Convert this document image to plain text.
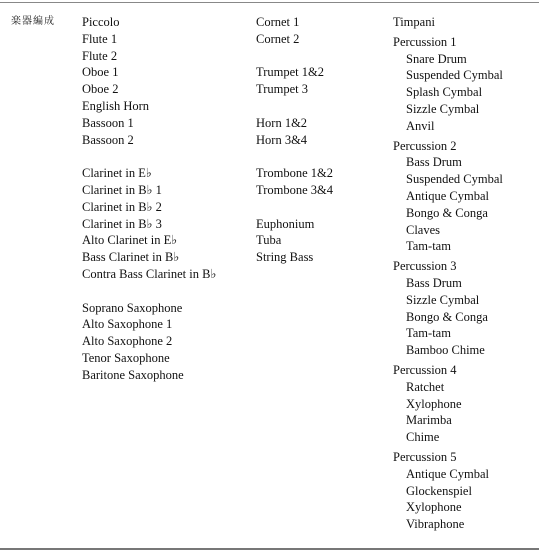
楽器編成 Piccolo
Flute 1
Flute 2
Oboe 1
Oboe 2
English Horn
Bassoon 1
Bassoon 2
Clarinet in E♭
Clarinet in B♭ 1
Clarinet in B♭ 2
Clarinet in B♭ 3
Alto Clarinet in E♭
Bass Clarinet in B♭
Contra Bass Clarinet in B♭
Soprano Saxophone
Alto Saxophone 1
Alto Saxophone 2
Tenor Saxophone
Baritone Saxophone
Cornet 1
Cornet 2
Trumpet 1&2
Trumpet 3
Horn 1&2
Horn 3&4
Trombone 1&2
Trombone 3&4
Euphonium
Tuba
String Bass
Timpani
Percussion 1
Snare Drum
Suspended Cymbal
Splash Cymbal
Sizzle Cymbal
Anvil
Percussion 2
Bass Drum
Suspended Cymbal
Antique Cymbal
Bongo & Conga
Claves
Tam-tam
Percussion 3
Bass Drum
Sizzle Cymbal
Bongo & Conga
Tam-tam
Bamboo Chime
Percussion 4
Ratchet
Xylophone
Marimba
Chime
Percussion 5
Antique Cymbal
Glockenspiel
Xylophone
Vibraphone
